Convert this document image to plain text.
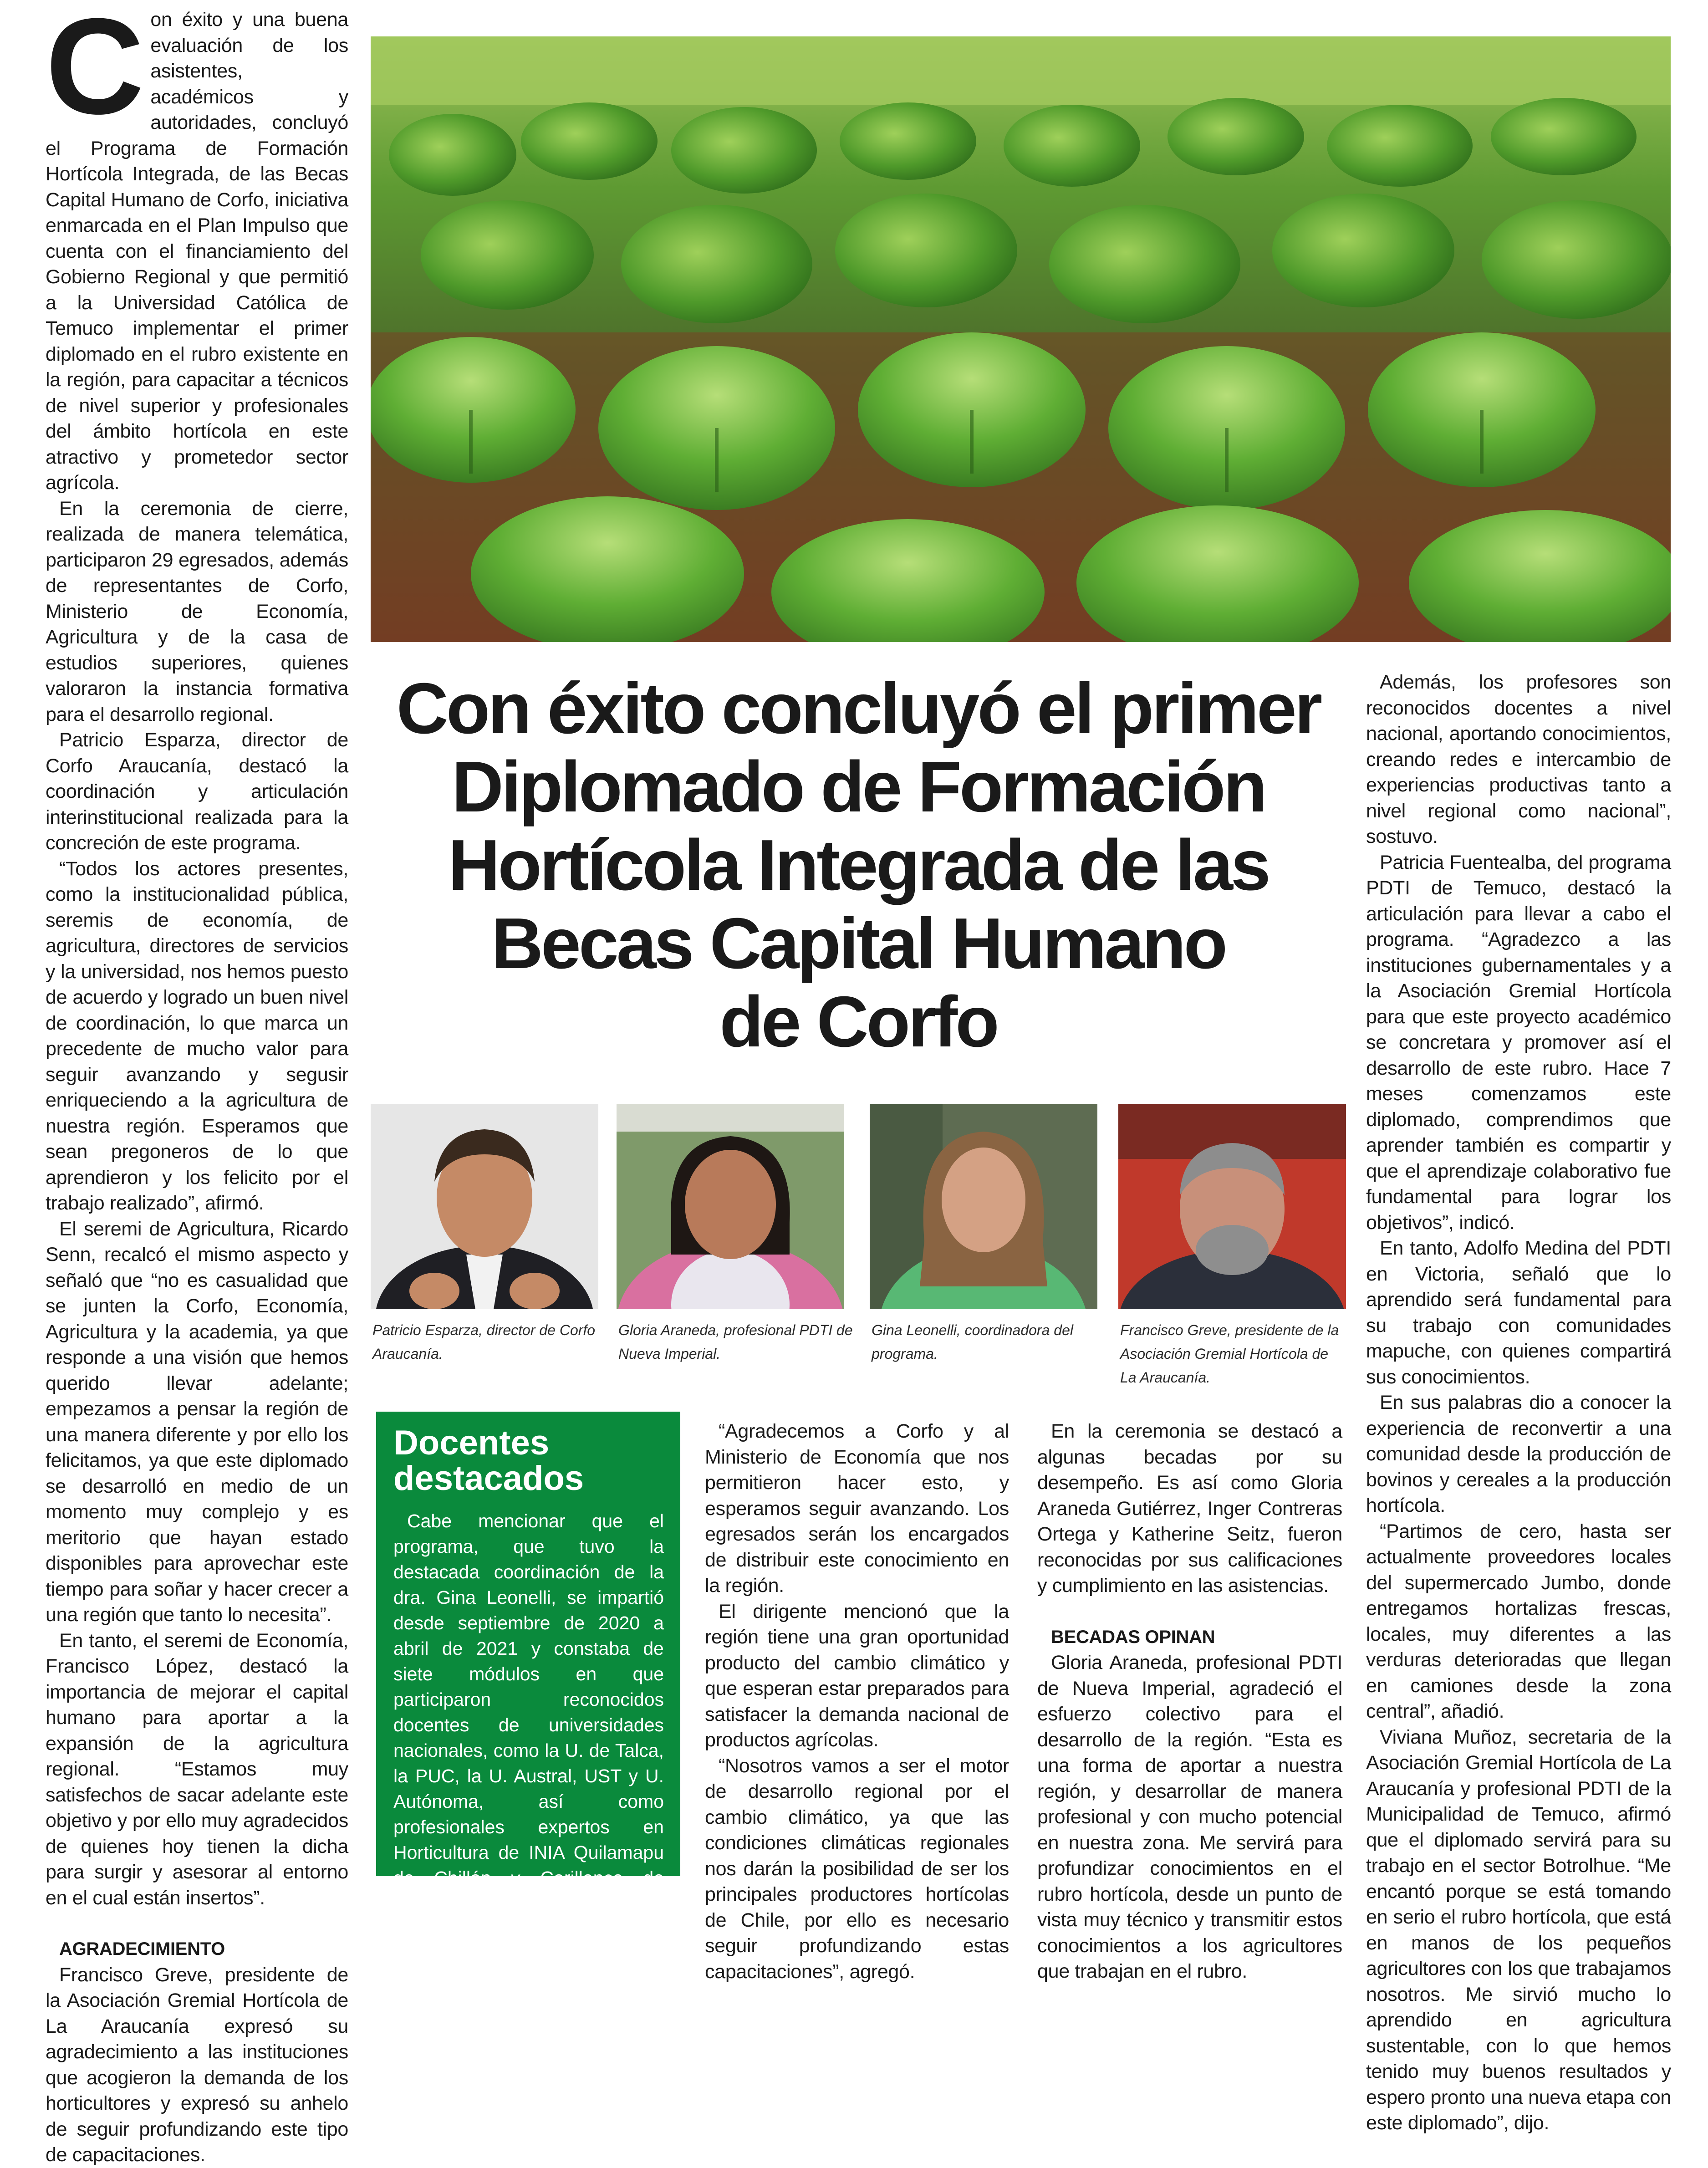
C on éxito y una buena evaluación de los asistentes, académicos y autoridades, concluyó el Programa de Formación Hortícola Integrada, de las Becas Capital Humano de Corfo, iniciativa enmarcada en el Plan Impulso que cuenta con el financiamiento del Gobierno Regional y que permitió a la Universidad Católica de Temuco implementar el primer diplomado en el rubro existente en la región, para capacitar a técnicos de nivel superior y profesionales del ámbito hortícola en este atractivo y prometedor sector agrícola.

En la ceremonia de cierre, realizada de manera telemática, participaron 29 egresados, además de representantes de Corfo, Ministerio de Economía, Agricultura y de la casa de estudios superiores, quienes valoraron la instancia formativa para el desarrollo regional.

Patricio Esparza, director de Corfo Araucanía, destacó la coordinación y articulación interinstitucional realizada para la concreción de este programa.

“Todos los actores presentes, como la institucionalidad pública, seremis de economía, de agricultura, directores de servicios y la universidad, nos hemos puesto de acuerdo y logrado un buen nivel de coordinación, lo que marca un precedente de mucho valor para seguir avanzando y segusir enriqueciendo a la agricultura de nuestra región. Esperamos que sean pregoneros de lo que aprendieron y los felicito por el trabajo realizado”, afirmó.

El seremi de Agricultura, Ricardo Senn, recalcó el mismo aspecto y señaló que “no es casualidad que se junten la Corfo, Economía, Agricultura y la academia, ya que responde a una visión que hemos querido llevar adelante; empezamos a pensar la región de una manera diferente y por ello los felicitamos, ya que este diplomado se desarrolló en medio de un momento muy complejo y es meritorio que hayan estado disponibles para aprovechar este tiempo para soñar y hacer crecer a una región que tanto lo necesita”.

En tanto, el seremi de Economía, Francisco López, destacó la importancia de mejorar el capital humano para aportar a la expansión de la agricultura regional. “Estamos muy satisfechos de sacar adelante este objetivo y por ello muy agradecidos de quienes hoy tienen la dicha para surgir y asesorar al entorno en el cual están insertos”.

AGRADECIMIENTO

Francisco Greve, presidente de la Asociación Gremial Hortícola de La Araucanía expresó su agradecimiento a las instituciones que acogieron la demanda de los horticultores y expresó su anhelo de seguir profundizando este tipo de capacitaciones.

Con éxito concluyó el primer
Diplomado de Formación
Hortícola Integrada de las
Becas Capital Humano
de Corfo
Patricio Esparza, director de Corfo Araucanía.
Gloria Araneda, profesional PDTI de Nueva Imperial.
Gina Leonelli, coordinadora del programa.
Francisco Greve, presidente de la Asociación Gremial Hortícola de La Araucanía.
Docentes destacados

Cabe mencionar que el programa, que tuvo la destacada coordinación de la dra. Gina Leonelli, se impartió desde septiembre de 2020 a abril de 2021 y constaba de siete módulos en que participaron reconocidos docentes de universidades nacionales, como la U. de Talca, la PUC, la U. Austral, UST y U. Autónoma, así como profesionales expertos en Horticultura de INIA Quilamapu de Chillán y Carillanca de Temuco.

“Agradecemos a Corfo y al Ministerio de Economía que nos permitieron hacer esto, y esperamos seguir avanzando. Los egresados serán los encargados de distribuir este conocimiento en la región.

El dirigente mencionó que la región tiene una gran oportunidad producto del cambio climático y que esperan estar preparados para satisfacer la demanda nacional de productos agrícolas.

“Nosotros vamos a ser el motor de desarrollo regional por el cambio climático, ya que las condiciones climáticas regionales nos darán la posibilidad de ser los principales productores hortícolas de Chile, por ello es necesario seguir profundizando estas capacitaciones”, agregó.

En la ceremonia se destacó a algunas becadas por su desempeño. Es así como Gloria Araneda Gutiérrez, Inger Contreras Ortega y Katherine Seitz, fueron reconocidas por sus calificaciones y cumplimiento en las asistencias.

BECADAS OPINAN

Gloria Araneda, profesional PDTI de Nueva Imperial, agradeció el esfuerzo colectivo para el desarrollo de la región. “Esta es una forma de aportar a nuestra región, y desarrollar de manera profesional y con mucho potencial en nuestra zona. Me servirá para profundizar conocimientos en el rubro hortícola, desde un punto de vista muy técnico y transmitir estos conocimientos a los agricultores que trabajan en el rubro.

Además, los profesores son reconocidos docentes a nivel nacional, aportando conocimientos, creando redes e intercambio de experiencias productivas tanto a nivel regional como nacional”, sostuvo.

Patricia Fuentealba, del programa PDTI de Temuco, destacó la articulación para llevar a cabo el programa. “Agradezco a las instituciones gubernamentales y a la Asociación Gremial Hortícola para que este proyecto académico se concretara y promover así el desarrollo de este rubro. Hace 7 meses comenzamos este diplomado, comprendimos que aprender también es compartir y que el aprendizaje colaborativo fue fundamental para lograr los objetivos”, indicó.

En tanto, Adolfo Medina del PDTI en Victoria, señaló que lo aprendido será fundamental para su trabajo con comunidades mapuche, con quienes compartirá sus conocimientos.

En sus palabras dio a conocer la experiencia de reconvertir a una comunidad desde la producción de bovinos y cereales a la producción hortícola.

“Partimos de cero, hasta ser actualmente proveedores locales del supermercado Jumbo, donde entregamos hortalizas frescas, locales, muy diferentes a las verduras deterioradas que llegan en camiones desde la zona central”, añadió.

Viviana Muñoz, secretaria de la Asociación Gremial Hortícola de La Araucanía y profesional PDTI de la Municipalidad de Temuco, afirmó que el diplomado servirá para su trabajo en el sector Botrolhue. “Me encantó porque se está tomando en serio el rubro hortícola, que está en manos de los pequeños agricultores con los que trabajamos nosotros. Me sirvió mucho lo aprendido en agricultura sustentable, con lo que hemos tenido muy buenos resultados y espero pronto una nueva etapa con este diplomado”, dijo.
